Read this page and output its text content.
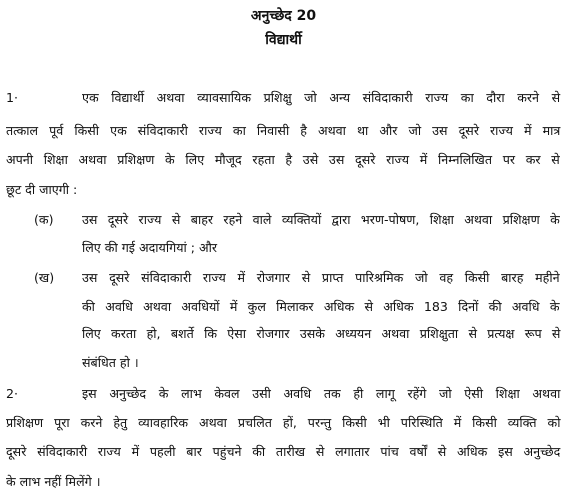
अनुच्छेद 20
विद्यार्थी
1·	एक विद्यार्थी अथवा व्यावसायिक प्रशिक्षु जो अन्य संविदाकारी राज्य का दौरा करने से
तत्काल पूर्व किसी एक संविदाकारी राज्य का निवासी है अथवा था और जो उस दूसरे राज्य में मात्र
अपनी शिक्षा अथवा प्रशिक्षण के लिए मौजूद रहता है उसे उस दूसरे राज्य में निम्नलिखित पर कर से
छूट दी जाएगी :
(क) उस दूसरे राज्य से बाहर रहने वाले व्यक्तियों द्वारा भरण-पोषण, शिक्षा अथवा प्रशिक्षण के
लिए की गई अदायगियां ; और
(ख) उस दूसरे संविदाकारी राज्य में रोजगार से प्राप्त पारिश्रमिक जो वह किसी बारह महीने
की अवधि अथवा अवधियों में कुल मिलाकर अधिक से अधिक 183 दिनों की अवधि के
लिए करता हो, बशर्ते कि ऐसा रोजगार उसके अध्ययन अथवा प्रशिक्षुता से प्रत्यक्ष रूप से
संबंधित हो ।
2·	इस अनुच्छेद के लाभ केवल उसी अवधि तक ही लागू रहेंगे जो ऐसी शिक्षा अथवा
प्रशिक्षण पूरा करने हेतु व्यावहारिक अथवा प्रचलित हों, परन्तु किसी भी परिस्थिति में किसी व्यक्ति को
दूसरे संविदाकारी राज्य में पहली बार पहुंचने की तारीख से लगातार पांच वर्षों से अधिक इस अनुच्छेद
के लाभ नहीं मिलेंगे ।
